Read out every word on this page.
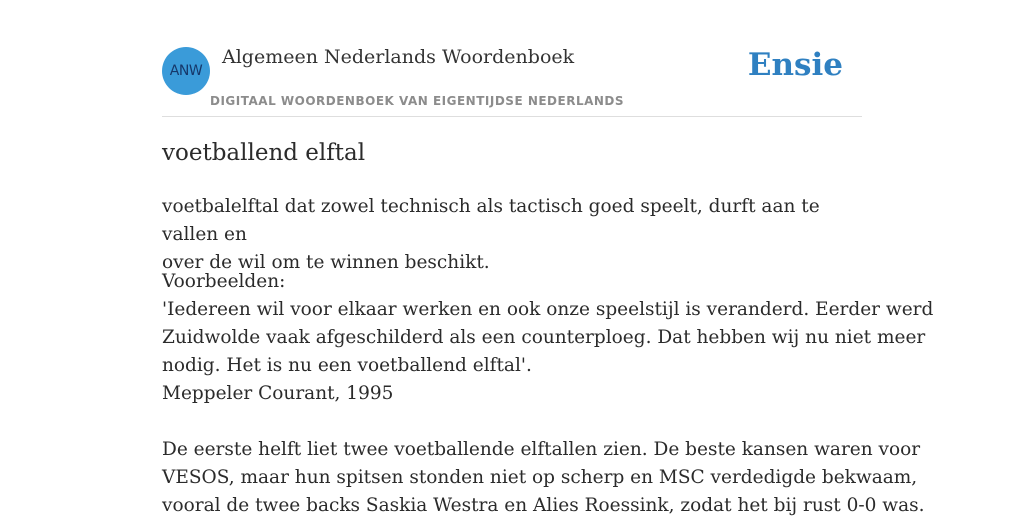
ANW
Algemeen Nederlands Woordenboek
DIGITAAL WOORDENBOEK VAN EIGENTIJDSE NEDERLANDS
Ensie
voetballend elftal
voetbalelftal dat zowel technisch als tactisch goed speelt, durft aan te vallen en
over de wil om te winnen beschikt.
Voorbeelden:
'Iedereen wil voor elkaar werken en ook onze speelstijl is veranderd. Eerder werd
Zuidwolde vaak afgeschilderd als een counterploeg. Dat hebben wij nu niet meer
nodig. Het is nu een voetballend elftal'.
Meppeler Courant, 1995
De eerste helft liet twee voetballende elftallen zien. De beste kansen waren voor
VESOS, maar hun spitsen stonden niet op scherp en MSC verdedigde bekwaam,
vooral de twee backs Saskia Westra en Alies Roessink, zodat het bij rust 0-0 was.
